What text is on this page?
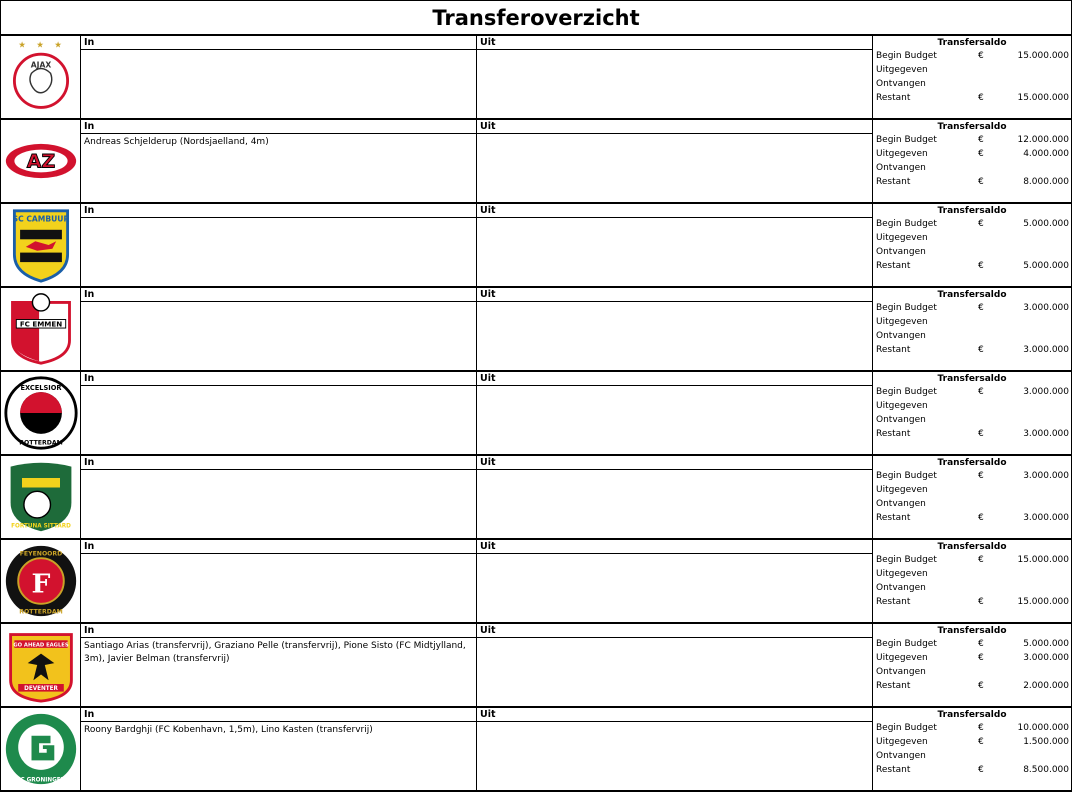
Transferoverzicht
★ ★ ★
AJAX
In	Uit	Transfersaldo
Begin Budget	€	15.000.000
Uitgegeven
Ontvangen
Restant	€	15.000.000
AZ
In
Andreas Schjelderup (Nordsjaelland, 4m)
Uit	Transfersaldo
Begin Budget	€	12.000.000
Uitgegeven	€	4.000.000
Ontvangen
Restant	€	8.000.000
SC CAMBUUR
In	Uit	Transfersaldo
Begin Budget	€	5.000.000
Uitgegeven
Ontvangen
Restant	€	5.000.000
FC EMMEN
In	Uit	Transfersaldo
Begin Budget	€	3.000.000
Uitgegeven
Ontvangen
Restant	€	3.000.000
EXCELSIOR
ROTTERDAM
In	Uit	Transfersaldo
Begin Budget	€	3.000.000
Uitgegeven
Ontvangen
Restant	€	3.000.000
FORTUNA SITTARD
In	Uit	Transfersaldo
Begin Budget	€	3.000.000
Uitgegeven
Ontvangen
Restant	€	3.000.000
F
FEYENOORD
ROTTERDAM
In	Uit	Transfersaldo
Begin Budget	€	15.000.000
Uitgegeven
Ontvangen
Restant	€	15.000.000
GO AHEAD EAGLES
DEVENTER
In
Santiago Arias (transfervrij), Graziano Pelle (transfervrij), Pione Sisto (FC Midtjylland, 3m), Javier Belman (transfervrij)
Uit	Transfersaldo
Begin Budget	€	5.000.000
Uitgegeven	€	3.000.000
Ontvangen
Restant	€	2.000.000
FC GRONINGEN
In
Roony Bardghji (FC Kobenhavn, 1,5m), Lino Kasten (transfervrij)
Uit	Transfersaldo
Begin Budget	€	10.000.000
Uitgegeven	€	1.500.000
Ontvangen
Restant	€	8.500.000
